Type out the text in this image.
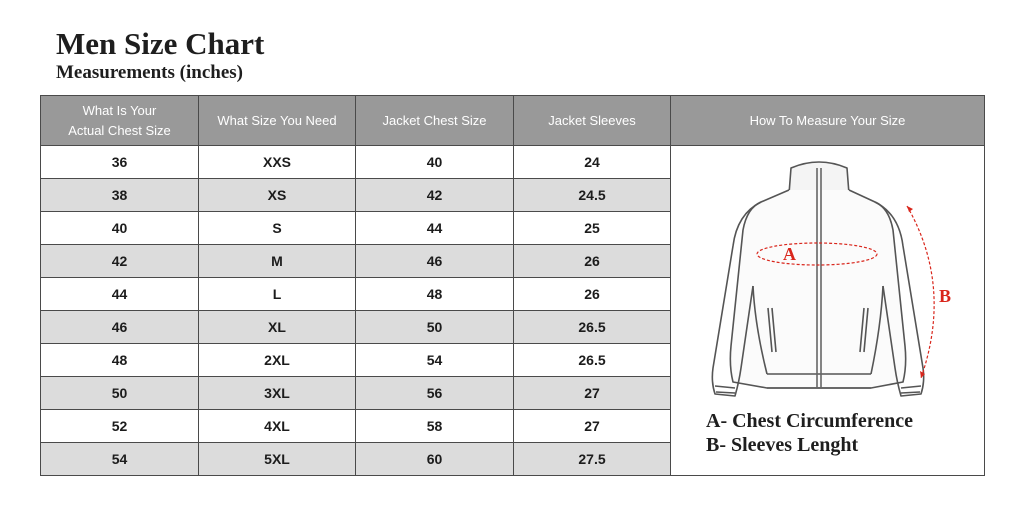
Men Size Chart
Measurements (inches)
What Is Your
Actual Chest Size	What Size You Need	Jacket Chest Size	Jacket Sleeves	How To Measure Your Size
36	XXS	40	24	A
B
A- Chest Circumference
B- Sleeves Lenght

38	XS	42	24.5	
40	S	44	25	
42	M	46	26	
44	L	48	26	
46	XL	50	26.5	
48	2XL	54	26.5	
50	3XL	56	27	
52	4XL	58	27	
54	5XL	60	27.5	
